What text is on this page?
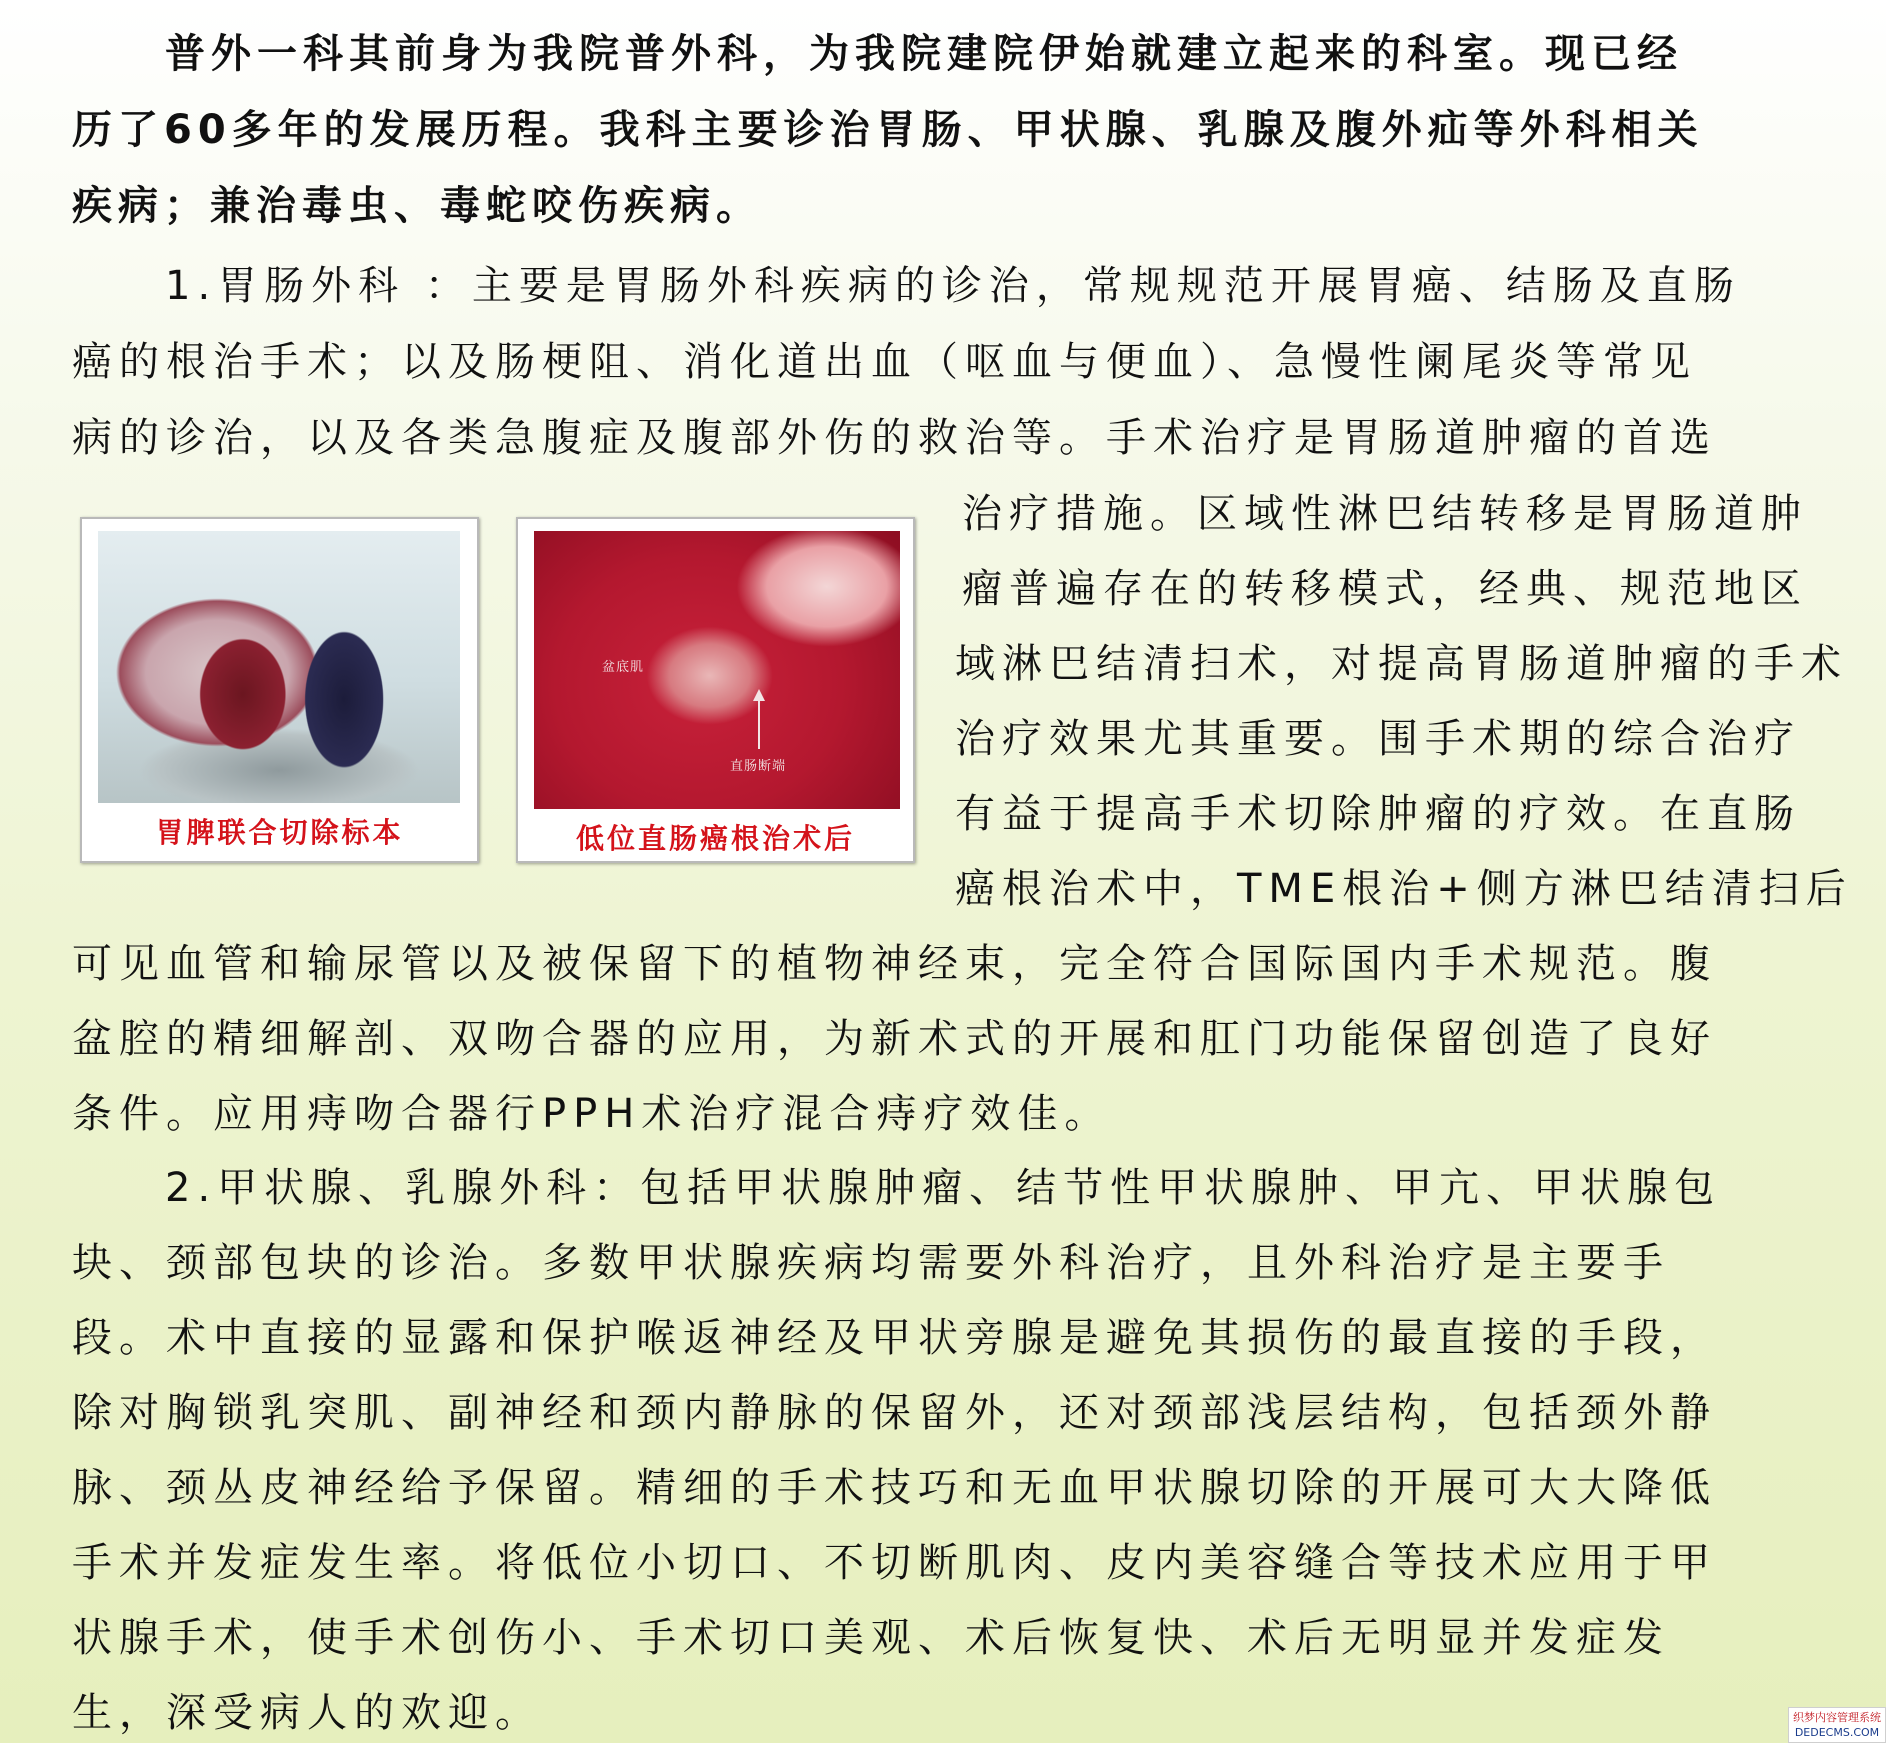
普外一科其前身为我院普外科，为我院建院伊始就建立起来的科室。现已经
历了60多年的发展历程。我科主要诊治胃肠、甲状腺、乳腺及腹外疝等外科相关
疾病；兼治毒虫、毒蛇咬伤疾病。
1.胃肠外科 ：主要是胃肠外科疾病的诊治，常规规范开展胃癌、结肠及直肠
癌的根治手术；以及肠梗阻、消化道出血（呕血与便血）、急慢性阑尾炎等常见
病的诊治，以及各类急腹症及腹部外伤的救治等。手术治疗是胃肠道肿瘤的首选
治疗措施。区域性淋巴结转移是胃肠道肿
瘤普遍存在的转移模式，经典、规范地区
域淋巴结清扫术，对提高胃肠道肿瘤的手术
治疗效果尤其重要。围手术期的综合治疗
有益于提高手术切除肿瘤的疗效。在直肠
癌根治术中，TME根治+侧方淋巴结清扫后
可见血管和输尿管以及被保留下的植物神经束，完全符合国际国内手术规范。腹
盆腔的精细解剖、双吻合器的应用，为新术式的开展和肛门功能保留创造了良好
条件。应用痔吻合器行PPH术治疗混合痔疗效佳。
2.甲状腺、乳腺外科：包括甲状腺肿瘤、结节性甲状腺肿、甲亢、甲状腺包
块、颈部包块的诊治。多数甲状腺疾病均需要外科治疗，且外科治疗是主要手
段。术中直接的显露和保护喉返神经及甲状旁腺是避免其损伤的最直接的手段，
除对胸锁乳突肌、副神经和颈内静脉的保留外，还对颈部浅层结构，包括颈外静
脉、颈丛皮神经给予保留。精细的手术技巧和无血甲状腺切除的开展可大大降低
手术并发症发生率。将低位小切口、不切断肌肉、皮内美容缝合等技术应用于甲
状腺手术，使手术创伤小、手术切口美观、术后恢复快、术后无明显并发症发
生，深受病人的欢迎。
胃脾联合切除标本
盆底肌
直肠断端
低位直肠癌根治术后
织梦内容管理系统
DEDECMS.COM
